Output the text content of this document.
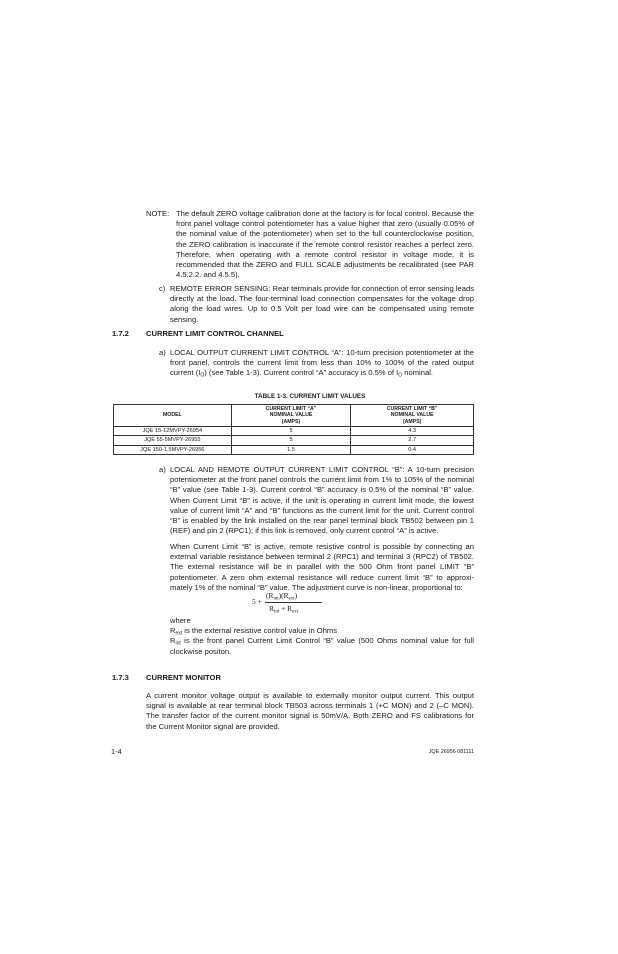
NOTE: The default ZERO voltage calibration done at the factory is for local control. Because the front panel voltage control potentiometer has a value higher that zero (usually 0.05% of the nominal value of the potentiometer) when set to the full counterclockwise position, the ZERO calibration is inaccurate if the remote control resistor reaches a perfect zero. Therefore, when operating with a remote control resistor in voltage mode, it is recommended that the ZERO and FULL SCALE adjustments be recalibrated (see PAR 4.5.2.2. and 4.5.5).

c) REMOTE ERROR SENSING: Rear terminals provide for connection of error sensing leads directly at the load. The four-terminal load connection compensates for the voltage drop along the load wires. Up to 0.5 Volt per load wire can be compensated using remote sensing.

1.7.2 CURRENT LIMIT CONTROL CHANNEL
a) LOCAL OUTPUT CURRENT LIMIT CONTROL “A”: 10-turn precision potentiometer at the front panel, controls the current limit from less than 10% to 100% of the rated output current $(I_O)$ (see Table 1-3). Current control “A” accuracy is 0.5% of $I_O$ nominal.

TABLE 1-3. CURRENT LIMIT VALUES
MODEL	CURRENT LIMIT “A”
NOMINAL VALUE
(AMPS)	CURRENT LIMIT “B”
NOMINAL VALUE
(AMPS)
JQE 15-12MVPY-26954	5	4.3
JQE 55-5MVPY-26955	5	2.7
JQE 150-1.5MVPY-26956	1.5	0.4
a) LOCAL AND REMOTE OUTPUT CURRENT LIMIT CONTROL “B”: A 10-turn precision potentiometer at the front panel controls the current limit from 1% to 105% of the nominal “B” value (see Table 1-3). Current control “B” accuracy is 0.5% of the nominal “B” value. When Current Limit “B” is active, if the unit is operating in current limit mode, the lowest value of current limit “A” and “B” functions as the current limit for the unit. Current control “B” is enabled by the link installed on the rear panel terminal block TB502 between pin 1 (REF) and pin 2 (RPC1); if this link is removed, only current control “A” is active.

When Current Limit “B” is active, remote resistive control is possible by connecting an external variable resistance between terminal 2 (RPC1) and terminal 3 (RPC2) of TB502. The external resistance will be in parallel with the 500 Ohm front panel LIMIT “B” potentiometer. A zero ohm external resistance will reduce current limit “B” to approxi-mately 1% of the nominal “B” value. The adjustment curve is non-linear, proportional to:

5 +
$(R_{int})(R_{ext})$
$R_{int} + R_{ext}$

where

$R_{ext}$ is the external resistive control value in Ohms

$R_{int}$ is the front panel Current Limit Control “B” value (500 Ohms nominal value for full clockwise positon.

1.7.3 CURRENT MONITOR

A current monitor voltage output is available to externally monitor output current. This output signal is available at rear terminal block TB503 across terminals 1 (+C MON) and 2 (–C MON). The transfer factor of the current monitor signal is 50mV/A. Both ZERO and FS calibrations for the Current Monitor signal are provided.

1-4	JQE 26956 081111
